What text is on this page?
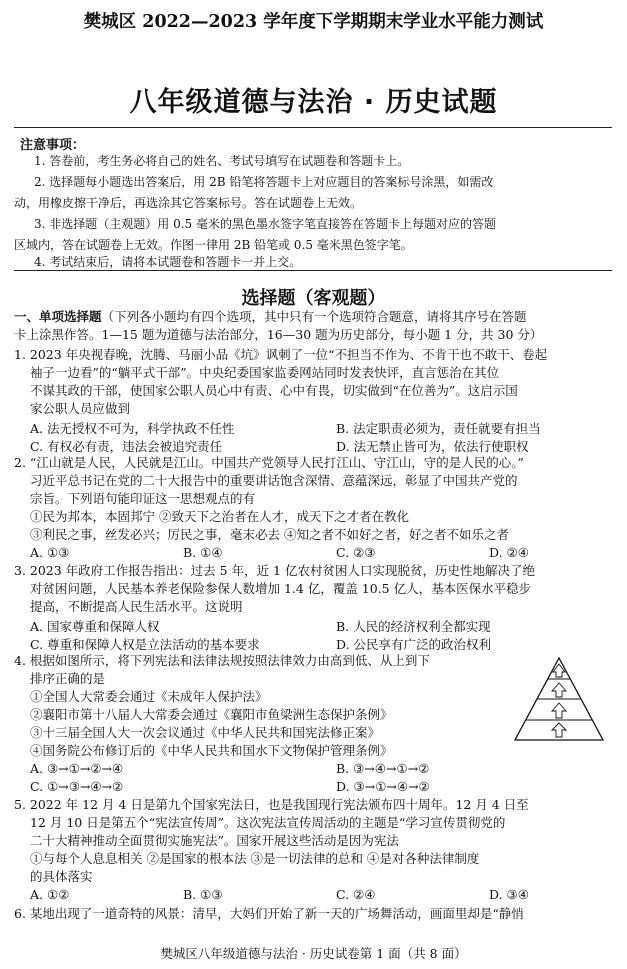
樊城区 2022—2023 学年度下学期期末学业水平能力测试
八年级道德与法治 · 历史试题
注意事项：
1. 答卷前，考生务必将自己的姓名、考试号填写在试题卷和答题卡上。
2. 选择题每小题选出答案后，用 2B 铅笔将答题卡上对应题目的答案标号涂黑，如需改
动，用橡皮擦干净后，再选涂其它答案标号。答在试题卷上无效。
3. 非选择题（主观题）用 0.5 毫米的黑色墨水签字笔直接答在答题卡上每题对应的答题
区域内，答在试题卷上无效。作图一律用 2B 铅笔或 0.5 毫米黑色签字笔。
4. 考试结束后，请将本试题卷和答题卡一并上交。
选择题（客观题）
一、单项选择题（下列各小题均有四个选项，其中只有一个选项符合题意，请将其序号在答题
卡上涂黑作答。1—15 题为道德与法治部分，16—30 题为历史部分，每小题 1 分，共 30 分）
1. 2023 年央视春晚，沈腾、马丽小品《坑》讽刺了一位“不担当不作为、不肯干也不敢干、卷起
袖子一边看”的“躺平式干部”。中央纪委国家监委网站同时发表快评，直言惩治在其位
不谋其政的干部，使国家公职人员心中有责、心中有畏，切实做到“在位善为”。这启示国
家公职人员应做到
A. 法无授权不可为，科学执政不任性	B. 法定职责必须为，责任就要有担当
C. 有权必有责，违法会被追究责任	D. 法无禁止皆可为，依法行使职权
2. “江山就是人民，人民就是江山。中国共产党领导人民打江山、守江山，守的是人民的心。”
习近平总书记在党的二十大报告中的重要讲话饱含深情、意蕴深远，彰显了中国共产党的
宗旨。下列语句能印证这一思想观点的有
①民为邦本，本固邦宁 ②致天下之治者在人才，成天下之才者在教化
③利民之事，丝发必兴；厉民之事，毫末必去 ④知之者不如好之者，好之者不如乐之者
A. ①③	B. ①④	C. ②③	D. ②④
3. 2023 年政府工作报告指出：过去 5 年，近 1 亿农村贫困人口实现脱贫，历史性地解决了绝
对贫困问题，人民基本养老保险参保人数增加 1.4 亿，覆盖 10.5 亿人，基本医保水平稳步
提高，不断提高人民生活水平。这说明
A. 国家尊重和保障人权	B. 人民的经济权利全都实现
C. 尊重和保障人权是立法活动的基本要求	D. 公民享有广泛的政治权利
4. 根据如图所示，将下列宪法和法律法规按照法律效力由高到低、从上到下
排序正确的是
①全国人大常委会通过《未成年人保护法》
②襄阳市第十八届人大常委会通过《襄阳市鱼梁洲生态保护条例》
③十三届全国人大一次会议通过《中华人民共和国宪法修正案》
④国务院公布修订后的《中华人民共和国水下文物保护管理条例》
A. ③→①→②→④	B. ③→④→①→②
C. ①→③→④→②	D. ③→①→④→②
5. 2022 年 12 月 4 日是第九个国家宪法日，也是我国现行宪法颁布四十周年。12 月 4 日至
12 月 10 日是第五个“宪法宣传周”。这次宪法宣传周活动的主题是“学习宣传贯彻党的
二十大精神推动全面贯彻实施宪法”。国家开展这些活动是因为宪法
①与每个人息息相关 ②是国家的根本法 ③是一切法律的总和 ④是对各种法律制度
的具体落实
A. ①②	B. ①③	C. ②④	D. ③④
6. 某地出现了一道奇特的风景：清早，大妈们开始了新一天的广场舞活动，画面里却是“静悄
樊城区八年级道德与法治 · 历史试卷第 1 面（共 8 面）
